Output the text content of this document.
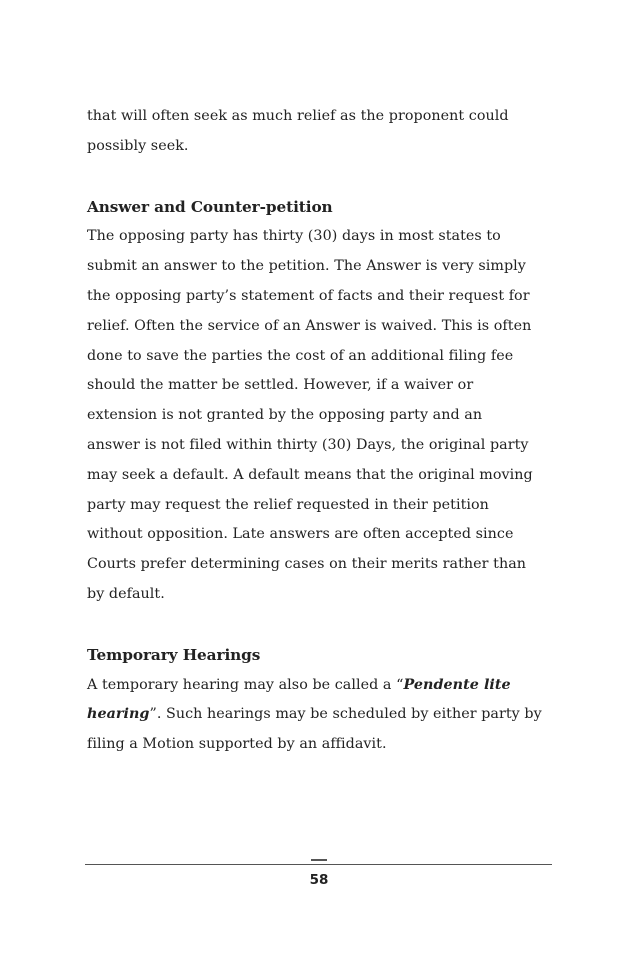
that will often seek as much relief as the proponent could
possibly seek.

Answer and Counter-petition

The opposing party has thirty (30) days in most states to
submit an answer to the petition. The Answer is very simply
the opposing party’s statement of facts and their request for
relief. Often the service of an Answer is waived. This is often
done to save the parties the cost of an additional filing fee
should the matter be settled. However, if a waiver or
extension is not granted by the opposing party and an
answer is not filed within thirty (30) Days, the original party
may seek a default. A default means that the original moving
party may request the relief requested in their petition
without opposition. Late answers are often accepted since
Courts prefer determining cases on their merits rather than
by default.

Temporary Hearings

A temporary hearing may also be called a “Pendente lite
hearing”. Such hearings may be scheduled by either party by
filing a Motion supported by an affidavit.

58
